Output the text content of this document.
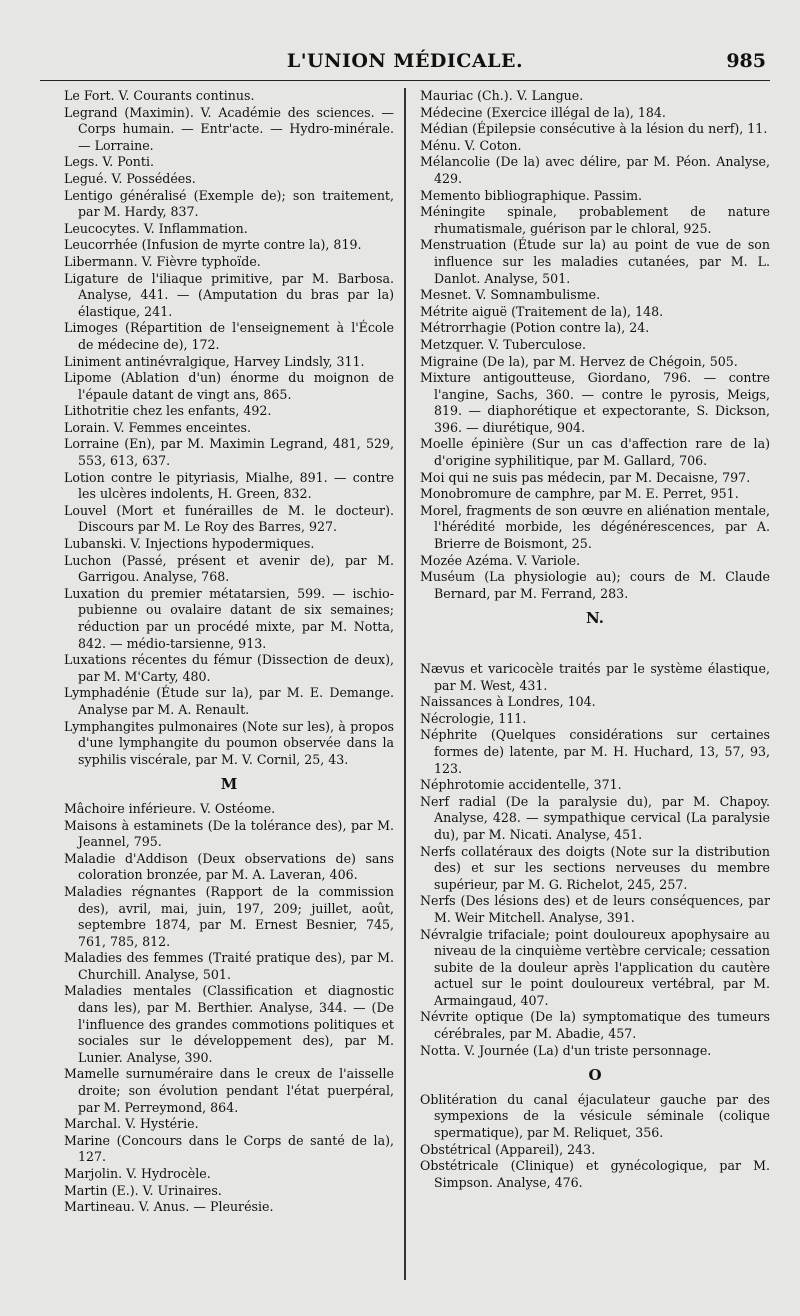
L'UNION MÉDICALE.	985

Le Fort. V. Courants continus.

Legrand (Maximin). V. Académie des sciences. — Corps humain. — Entr'acte. — Hydro-minérale. — Lorraine.

Legs. V. Ponti.

Legué. V. Possédées.

Lentigo généralisé (Exemple de); son traitement, par M. Hardy, 837.

Leucocytes. V. Inflammation.

Leucorrhée (Infusion de myrte contre la), 819.

Libermann. V. Fièvre typhoïde.

Ligature de l'iliaque primitive, par M. Barbosa. Analyse, 441. — (Amputation du bras par la) élastique, 241.

Limoges (Répartition de l'enseignement à l'École de médecine de), 172.

Liniment antinévralgique, Harvey Lindsly, 311.

Lipome (Ablation d'un) énorme du moignon de l'épaule datant de vingt ans, 865.

Lithotritie chez les enfants, 492.

Lorain. V. Femmes enceintes.

Lorraine (En), par M. Maximin Legrand, 481, 529, 553, 613, 637.

Lotion contre le pityriasis, Mialhe, 891. — contre les ulcères indolents, H. Green, 832.

Louvel (Mort et funérailles de M. le docteur). Discours par M. Le Roy des Barres, 927.

Lubanski. V. Injections hypodermiques.

Luchon (Passé, présent et avenir de), par M. Garrigou. Analyse, 768.

Luxation du premier métatarsien, 599. — ischio-pubienne ou ovalaire datant de six semaines; réduction par un procédé mixte, par M. Notta, 842. — médio-tarsienne, 913.

Luxations récentes du fémur (Dissection de deux), par M. M'Carty, 480.

Lymphadénie (Étude sur la), par M. E. Demange. Analyse par M. A. Renault.

Lymphangites pulmonaires (Note sur les), à propos d'une lymphangite du poumon observée dans la syphilis viscérale, par M. V. Cornil, 25, 43.

M

Mâchoire inférieure. V. Ostéome.

Maisons à estaminets (De la tolérance des), par M. Jeannel, 795.

Maladie d'Addison (Deux observations de) sans coloration bronzée, par M. A. Laveran, 406.

Maladies régnantes (Rapport de la commission des), avril, mai, juin, 197, 209; juillet, août, septembre 1874, par M. Ernest Besnier, 745, 761, 785, 812.

Maladies des femmes (Traité pratique des), par M. Churchill. Analyse, 501.

Maladies mentales (Classification et diagnostic dans les), par M. Berthier. Analyse, 344. — (De l'influence des grandes commotions politiques et sociales sur le développement des), par M. Lunier. Analyse, 390.

Mamelle surnuméraire dans le creux de l'aisselle droite; son évolution pendant l'état puerpéral, par M. Perreymond, 864.

Marchal. V. Hystérie.

Marine (Concours dans le Corps de santé de la), 127.

Marjolin. V. Hydrocèle.

Martin (E.). V. Urinaires.

Martineau. V. Anus. — Pleurésie.

Mauriac (Ch.). V. Langue.

Médecine (Exercice illégal de la), 184.

Médian (Épilepsie consécutive à la lésion du nerf), 11.

Ménu. V. Coton.

Mélancolie (De la) avec délire, par M. Péon. Analyse, 429.

Memento bibliographique. Passim.

Méningite spinale, probablement de nature rhumatismale, guérison par le chloral, 925.

Menstruation (Étude sur la) au point de vue de son influence sur les maladies cutanées, par M. L. Danlot. Analyse, 501.

Mesnet. V. Somnambulisme.

Métrite aiguë (Traitement de la), 148.

Métrorrhagie (Potion contre la), 24.

Metzquer. V. Tuberculose.

Migraine (De la), par M. Hervez de Chégoin, 505.

Mixture antigoutteuse, Giordano, 796. — contre l'angine, Sachs, 360. — contre le pyrosis, Meigs, 819. — diaphorétique et expectorante, S. Dickson, 396. — diurétique, 904.

Moelle épinière (Sur un cas d'affection rare de la) d'origine syphilitique, par M. Gallard, 706.

Moi qui ne suis pas médecin, par M. Decaisne, 797.

Monobromure de camphre, par M. E. Perret, 951.

Morel, fragments de son œuvre en aliénation mentale, l'hérédité morbide, les dégénérescences, par A. Brierre de Boismont, 25.

Mozée Azéma. V. Variole.

Muséum (La physiologie au); cours de M. Claude Bernard, par M. Ferrand, 283.

N.

Nævus et varicocèle traités par le système élastique, par M. West, 431.

Naissances à Londres, 104.

Nécrologie, 111.

Néphrite (Quelques considérations sur certaines formes de) latente, par M. H. Huchard, 13, 57, 93, 123.

Néphrotomie accidentelle, 371.

Nerf radial (De la paralysie du), par M. Chapoy. Analyse, 428. — sympathique cervical (La paralysie du), par M. Nicati. Analyse, 451.

Nerfs collatéraux des doigts (Note sur la distribution des) et sur les sections nerveuses du membre supérieur, par M. G. Richelot, 245, 257.

Nerfs (Des lésions des) et de leurs conséquences, par M. Weir Mitchell. Analyse, 391.

Névralgie trifaciale; point douloureux apophysaire au niveau de la cinquième vertèbre cervicale; cessation subite de la douleur après l'application du cautère actuel sur le point douloureux vertébral, par M. Armaingaud, 407.

Névrite optique (De la) symptomatique des tumeurs cérébrales, par M. Abadie, 457.

Notta. V. Journée (La) d'un triste personnage.

O

Oblitération du canal éjaculateur gauche par des sympexions de la vésicule séminale (colique spermatique), par M. Reliquet, 356.

Obstétrical (Appareil), 243.

Obstétricale (Clinique) et gynécologique, par M. Simpson. Analyse, 476.
